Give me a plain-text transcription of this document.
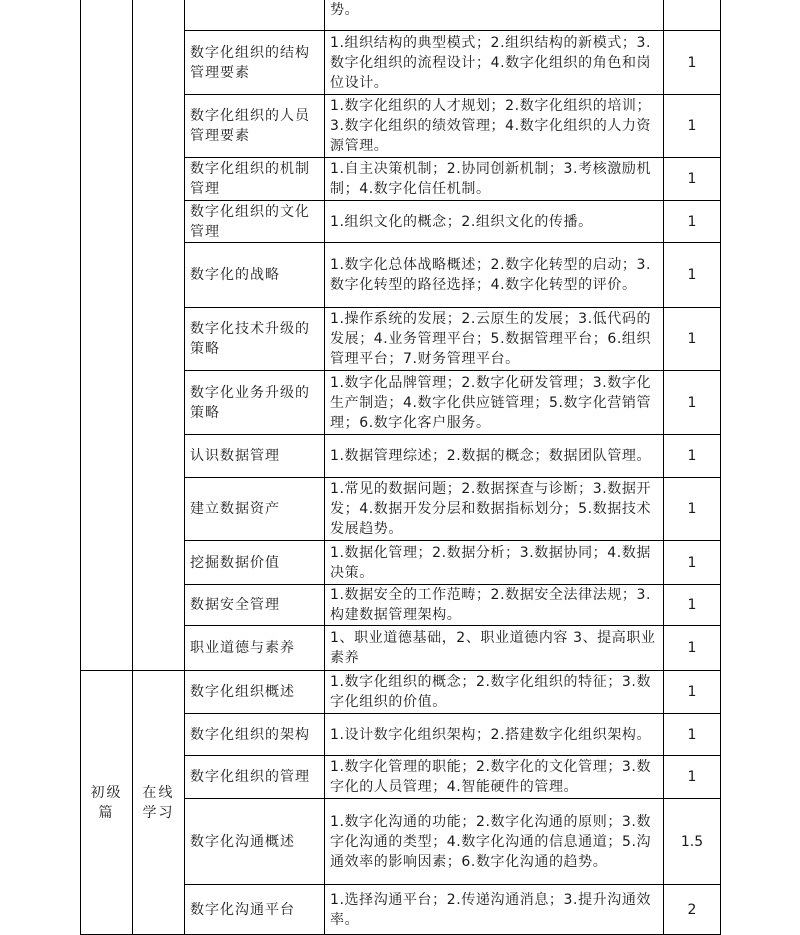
			势。	
		数字化组织的结构管理要素	1.组织结构的典型模式；2.组织结构的新模式；3.数字化组织的流程设计；4.数字化组织的角色和岗位设计。	1
		数字化组织的人员管理要素	1.数字化组织的人才规划；2.数字化组织的培训；3.数字化组织的绩效管理；4.数字化组织的人力资源管理。	1
		数字化组织的机制管理	1.自主决策机制；2.协同创新机制；3.考核激励机制；4.数字化信任机制。	1
		数字化组织的文化管理	1.组织文化的概念；2.组织文化的传播。	1
		数字化的战略	1.数字化总体战略概述；2.数字化转型的启动；3.数字化转型的路径选择；4.数字化转型的评价。	1
		数字化技术升级的策略	1.操作系统的发展；2.云原生的发展；3.低代码的发展；4.业务管理平台；5.数据管理平台；6.组织管理平台；7.财务管理平台。	1
		数字化业务升级的策略	1.数字化品牌管理；2.数字化研发管理；3.数字化生产制造；4.数字化供应链管理；5.数字化营销管理；6.数字化客户服务。	1
		认识数据管理	1.数据管理综述；2.数据的概念；数据团队管理。	1
		建立数据资产	1.常见的数据问题；2.数据探查与诊断；3.数据开发；4.数据开发分层和数据指标划分；5.数据技术发展趋势。	1
		挖掘数据价值	1.数据化管理；2.数据分析；3.数据协同；4.数据决策。	1
		数据安全管理	1.数据安全的工作范畴；2.数据安全法律法规；3.构建数据管理架构。	1
		职业道德与素养	1、职业道德基础，2、职业道德内容 3、提高职业素养	1
初级篇	在线学习	数字化组织概述	1.数字化组织的概念；2.数字化组织的特征；3.数字化组织的价值。	1
		数字化组织的架构	1.设计数字化组织架构；2.搭建数字化组织架构。	1
		数字化组织的管理	1.数字化管理的职能；2.数字化的文化管理；3.数字化的人员管理；4.智能硬件的管理。	1
		数字化沟通概述	1.数字化沟通的功能；2.数字化沟通的原则；3.数字化沟通的类型；4.数字化沟通的信息通道；5.沟通效率的影响因素；6.数字化沟通的趋势。	1.5
		数字化沟通平台	1.选择沟通平台；2.传递沟通消息；3.提升沟通效率。	2
